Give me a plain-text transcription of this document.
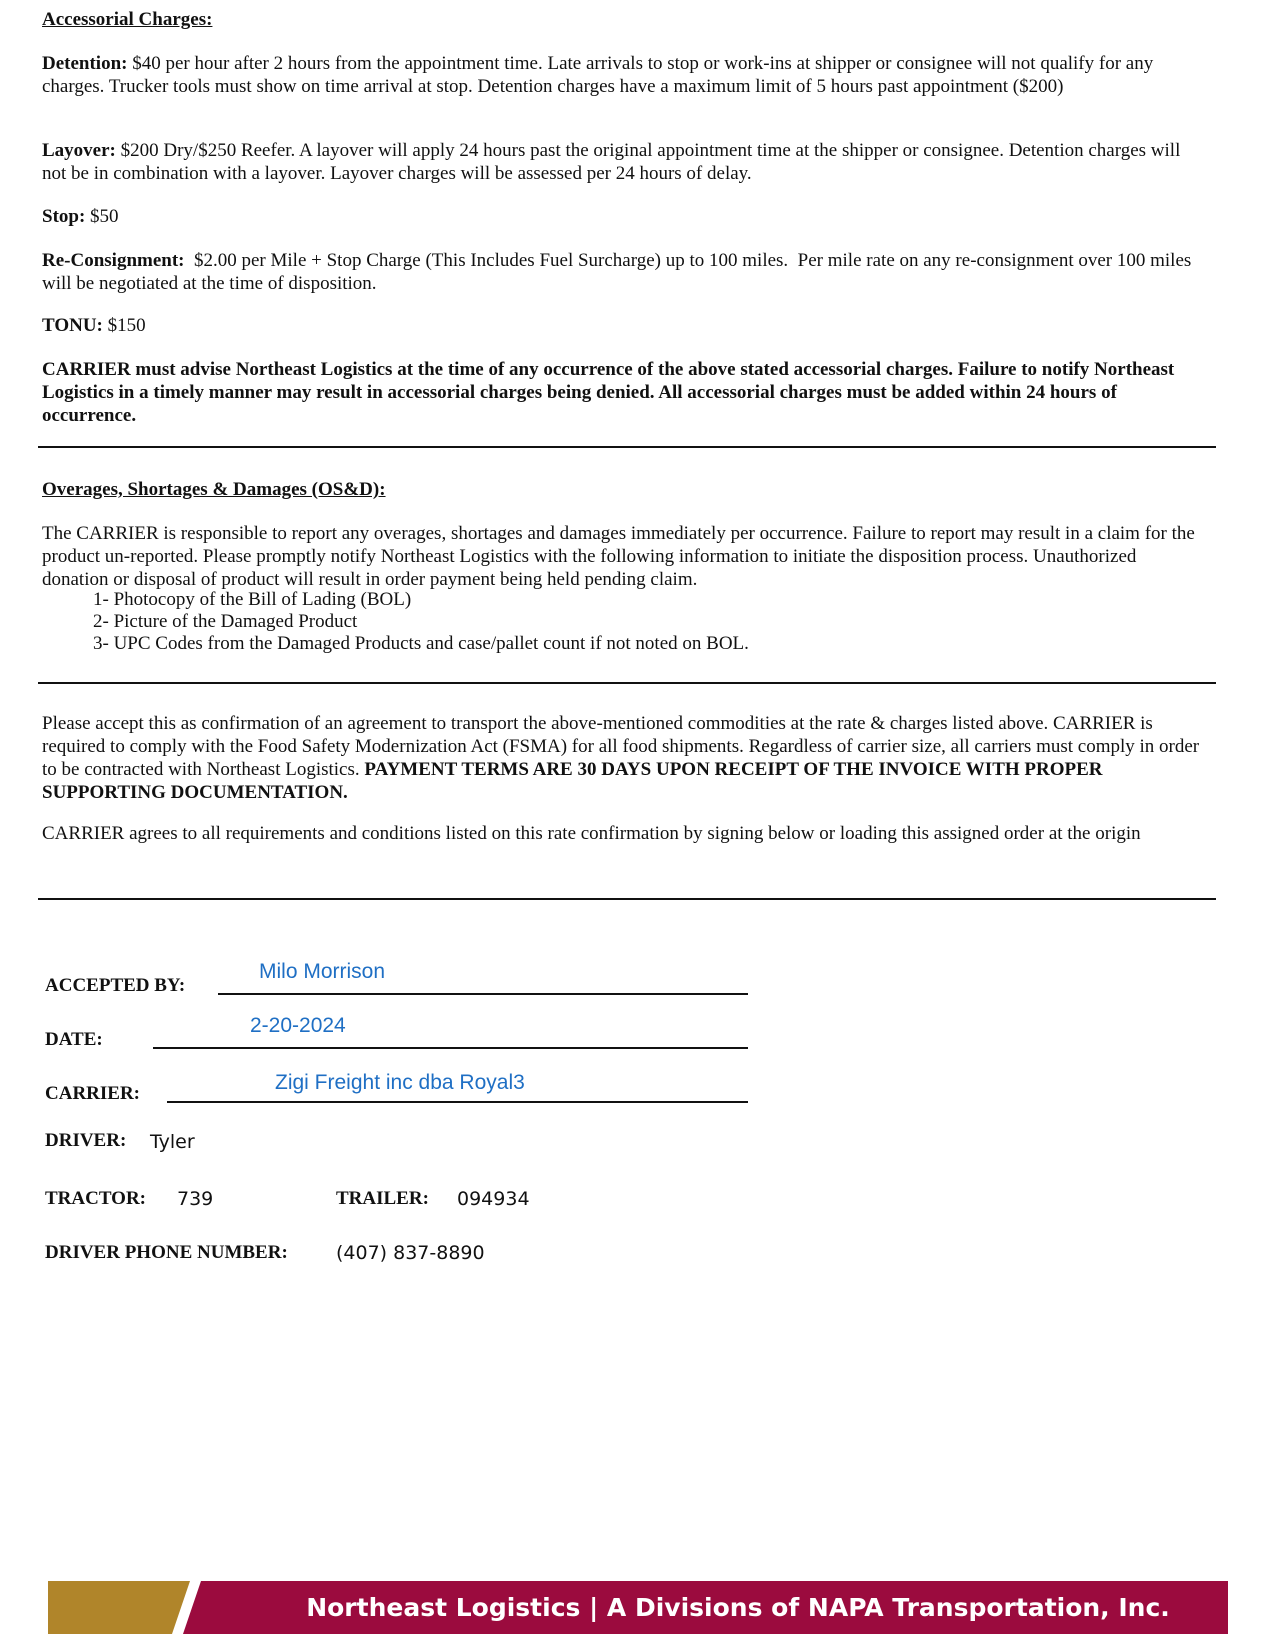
Accessorial Charges:
Detention: $40 per hour after 2 hours from the appointment time. Late arrivals to stop or work-ins at shipper or consignee will not qualify for any charges. Trucker tools must show on time arrival at stop. Detention charges have a maximum limit of 5 hours past appointment ($200)
Layover: $200 Dry/$250 Reefer. A layover will apply 24 hours past the original appointment time at the shipper or consignee. Detention charges will not be in combination with a layover. Layover charges will be assessed per 24 hours of delay.
Stop: $50
Re-Consignment:  $2.00 per Mile + Stop Charge (This Includes Fuel Surcharge) up to 100 miles.  Per mile rate on any re-consignment over 100 miles will be negotiated at the time of disposition.
TONU: $150
CARRIER must advise Northeast Logistics at the time of any occurrence of the above stated accessorial charges. Failure to notify Northeast Logistics in a timely manner may result in accessorial charges being denied. All accessorial charges must be added within 24 hours of occurrence.
Overages, Shortages & Damages (OS&D):
The CARRIER is responsible to report any overages, shortages and damages immediately per occurrence. Failure to report may result in a claim for the product un-reported. Please promptly notify Northeast Logistics with the following information to initiate the disposition process. Unauthorized donation or disposal of product will result in order payment being held pending claim.
1- Photocopy of the Bill of Lading (BOL)
2- Picture of the Damaged Product
3- UPC Codes from the Damaged Products and case/pallet count if not noted on BOL.
Please accept this as confirmation of an agreement to transport the above-mentioned commodities at the rate & charges listed above. CARRIER is required to comply with the Food Safety Modernization Act (FSMA) for all food shipments. Regardless of carrier size, all carriers must comply in order to be contracted with Northeast Logistics. PAYMENT TERMS ARE 30 DAYS UPON RECEIPT OF THE INVOICE WITH PROPER SUPPORTING DOCUMENTATION.
CARRIER agrees to all requirements and conditions listed on this rate confirmation by signing below or loading this assigned order at the origin
ACCEPTED BY:
Milo Morrison
DATE:
2-20-2024
CARRIER:	Zigi Freight inc dba Royal3
DRIVER: Tyler
TRACTOR: 739	TRAILER: 094934
DRIVER PHONE NUMBER:	(407) 837-8890
Northeast Logistics | A Divisions of NAPA Transportation, Inc.
